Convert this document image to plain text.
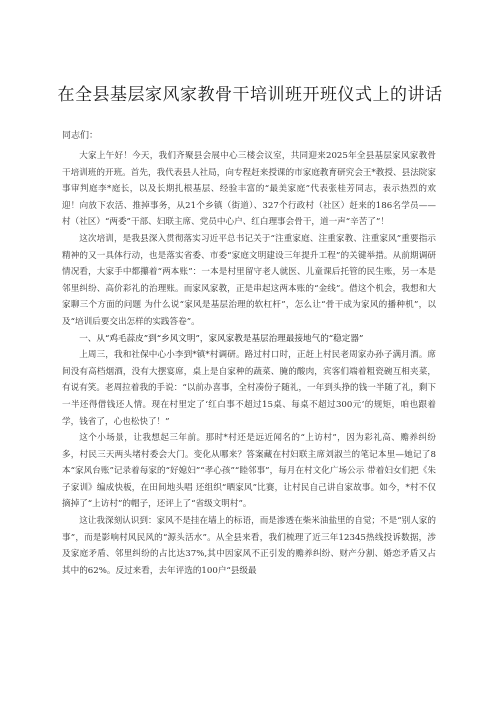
在全县基层家风家教骨干培训班开班仪式上的讲话
同志们：

大家上午好！今天，我们齐聚县会展中心三楼会议室，共同迎来2025年全县基层家风家教骨干培训班的开班。首先，我代表县人社局，向专程赶来授课的市家庭教育研究会王*教授、县法院家事审判庭李*庭长，以及长期扎根基层、经验丰富的“最美家庭”代表张桂芳同志，表示热烈的欢迎！向放下农活、推掉事务，从21个乡镇（街道）、327个行政村（社区）赶来的186名学员——村（社区）“两委”干部、妇联主席、党员中心户、红白理事会骨干，道一声“辛苦了”！

这次培训，是我县深入贯彻落实习近平总书记关于“注重家庭、注重家教、注重家风”重要指示精神的又一具体行动，也是落实省委、市委“家庭文明建设三年提升工程”的关键举措。从前期调研情况看，大家手中都攥着“两本账”：一本是村里留守老人就医、儿童课后托管的民生账，另一本是邻里纠纷、高价彩礼的治理账。而家风家教，正是串起这两本账的“金线”。借这个机会，我想和大家聊三个方面的问题 为什么说“家风是基层治理的软杠杆”，怎么让“骨干成为家风的播种机”，以及“培训后要交出怎样的实践答卷”。

一、从“鸡毛蒜皮”到“乡风文明”，家风家教是基层治理最接地气的“稳定器”

上周三，我和社保中心小李到*镇*村调研。路过村口时，正赶上村民老周家办孙子满月酒。席间没有高档烟酒，没有大摆宴席，桌上是自家种的蔬菜、腌的酸肉，宾客们端着粗瓷碗互相夹菜，有说有笑。老周拉着我的手说：“以前办喜事，全村凑份子随礼，一年到头挣的钱一半随了礼，剩下一半还得借钱还人情。现在村里定了‘红白事不超过15桌、每桌不超过300元’的规矩，咱也跟着学，钱省了，心也松快了！”

这个小场景，让我想起三年前。那时*村还是远近闻名的“上访村”，因为彩礼高、赡养纠纷多，村民三天两头堵村委会大门。变化从哪来？答案藏在村妇联主席刘淑兰的笔记本里—她记了8本“家风台账”记录着每家的“好媳妇”“孝心孩”“睦邻事”，每月在村文化广场公示 带着妇女们把《朱子家训》编成快板，在田间地头唱 还组织“晒家风”比赛，让村民自己讲自家故事。如今，*村不仅摘掉了“上访村”的帽子，还评上了“省级文明村”。

这让我深刻认识到：家风不是挂在墙上的标语，而是渗透在柴米油盐里的自觉；不是“别人家的事”，而是影响村风民风的“源头活水”。从全县来看，我们梳理了近三年12345热线投诉数据，涉及家庭矛盾、邻里纠纷的占比达37%,其中因家风不正引发的赡养纠纷、财产分割、婚恋矛盾又占其中的62%。反过来看，去年评选的100户“县级最
